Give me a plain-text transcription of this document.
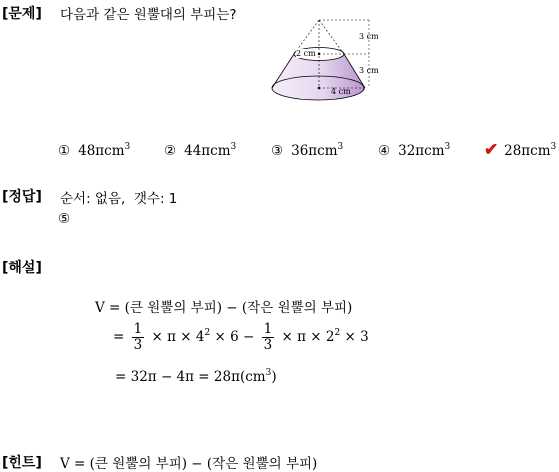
[문제] 다음과 같은 원뿔대의 부피는?
3 cm
2 cm
3 cm
4 cm
① 48πcm$^3$ ② 44πcm$^3$	③ 36πcm$^3$	④ 32πcm$^3$	28πcm$^3$
✔
[정답] 순서: 없음,  갯수: 1
⑤
[해설]
V = (큰 원뿔의 부피) − (작은 원뿔의 부피)
= $\frac{1}{3} \times \pi \times 4^2 \times 6 - \frac{1}{3} \times \pi \times 2^2 \times 3$
= $32\pi - 4\pi = 28\pi(cm^3)$
[힌트] V = (큰 원뿔의 부피) − (작은 원뿔의 부피)
